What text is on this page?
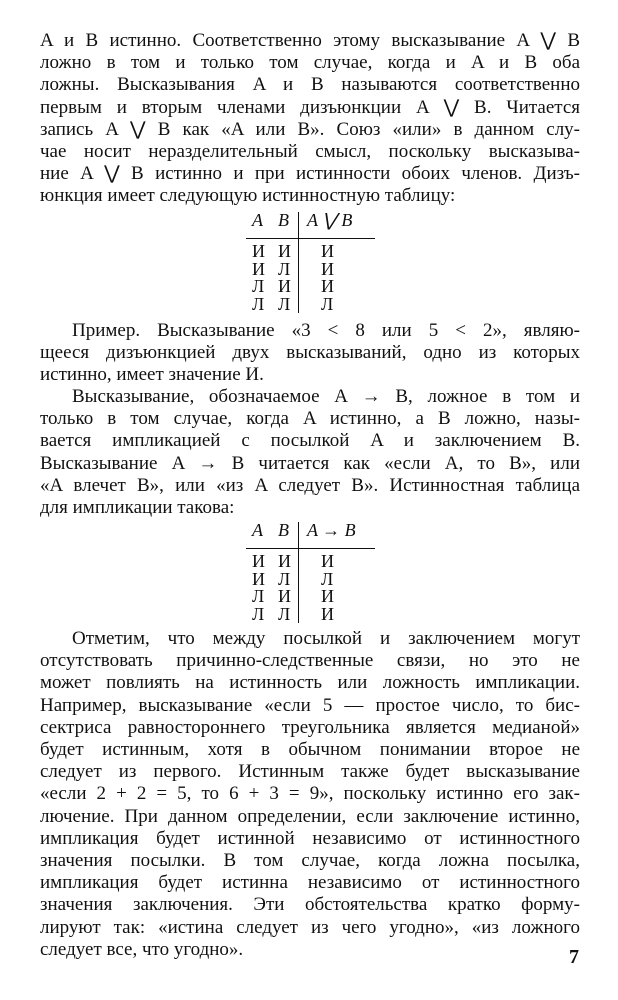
A и B истинно. Соответственно этому высказывание A ⋁ B
ложно в том и только том случае, когда и A и B оба
ложны. Высказывания A и B называются соответственно
первым и вторым членами дизъюнкции A ⋁ B. Читается
запись A ⋁ B как «A или B». Союз «или» в данном слу-
чае носит неразделительный смысл, поскольку высказыва-
ние A ⋁ B истинно и при истинности обоих членов. Дизъ-
юнкция имеет следующую истинностную таблицу:
A	B	A ⋁ B
И	И	И
И	Л	И
Л	И	И
Л	Л	Л
Пример. Высказывание «3 < 8 или 5 < 2», являю-
щееся дизъюнкцией двух высказываний, одно из которых
истинно, имеет значение И.
Высказывание, обозначаемое A → B, ложное в том и
только в том случае, когда A истинно, а B ложно, назы-
вается импликацией с посылкой A и заключением B.
Высказывание A → B читается как «если A, то B», или
«A влечет B», или «из A следует B». Истинностная таблица
для импликации такова:
A	B	A → B
И	И	И
И	Л	Л
Л	И	И
Л	Л	И
Отметим, что между посылкой и заключением могут
отсутствовать причинно-следственные связи, но это не
может повлиять на истинность или ложность импликации.
Например, высказывание «если 5 — простое число, то бис-
сектриса равностороннего треугольника является медианой»
будет истинным, хотя в обычном понимании второе не
следует из первого. Истинным также будет высказывание
«если 2 + 2 = 5, то 6 + 3 = 9», поскольку истинно его зак-
лючение. При данном определении, если заключение истинно,
импликация будет истинной независимо от истинностного
значения посылки. В том случае, когда ложна посылка,
импликация будет истинна независимо от истинностного
значения заключения. Эти обстоятельства кратко форму-
лируют так: «истина следует из чего угодно», «из ложного
следует все, что угодно».	7
